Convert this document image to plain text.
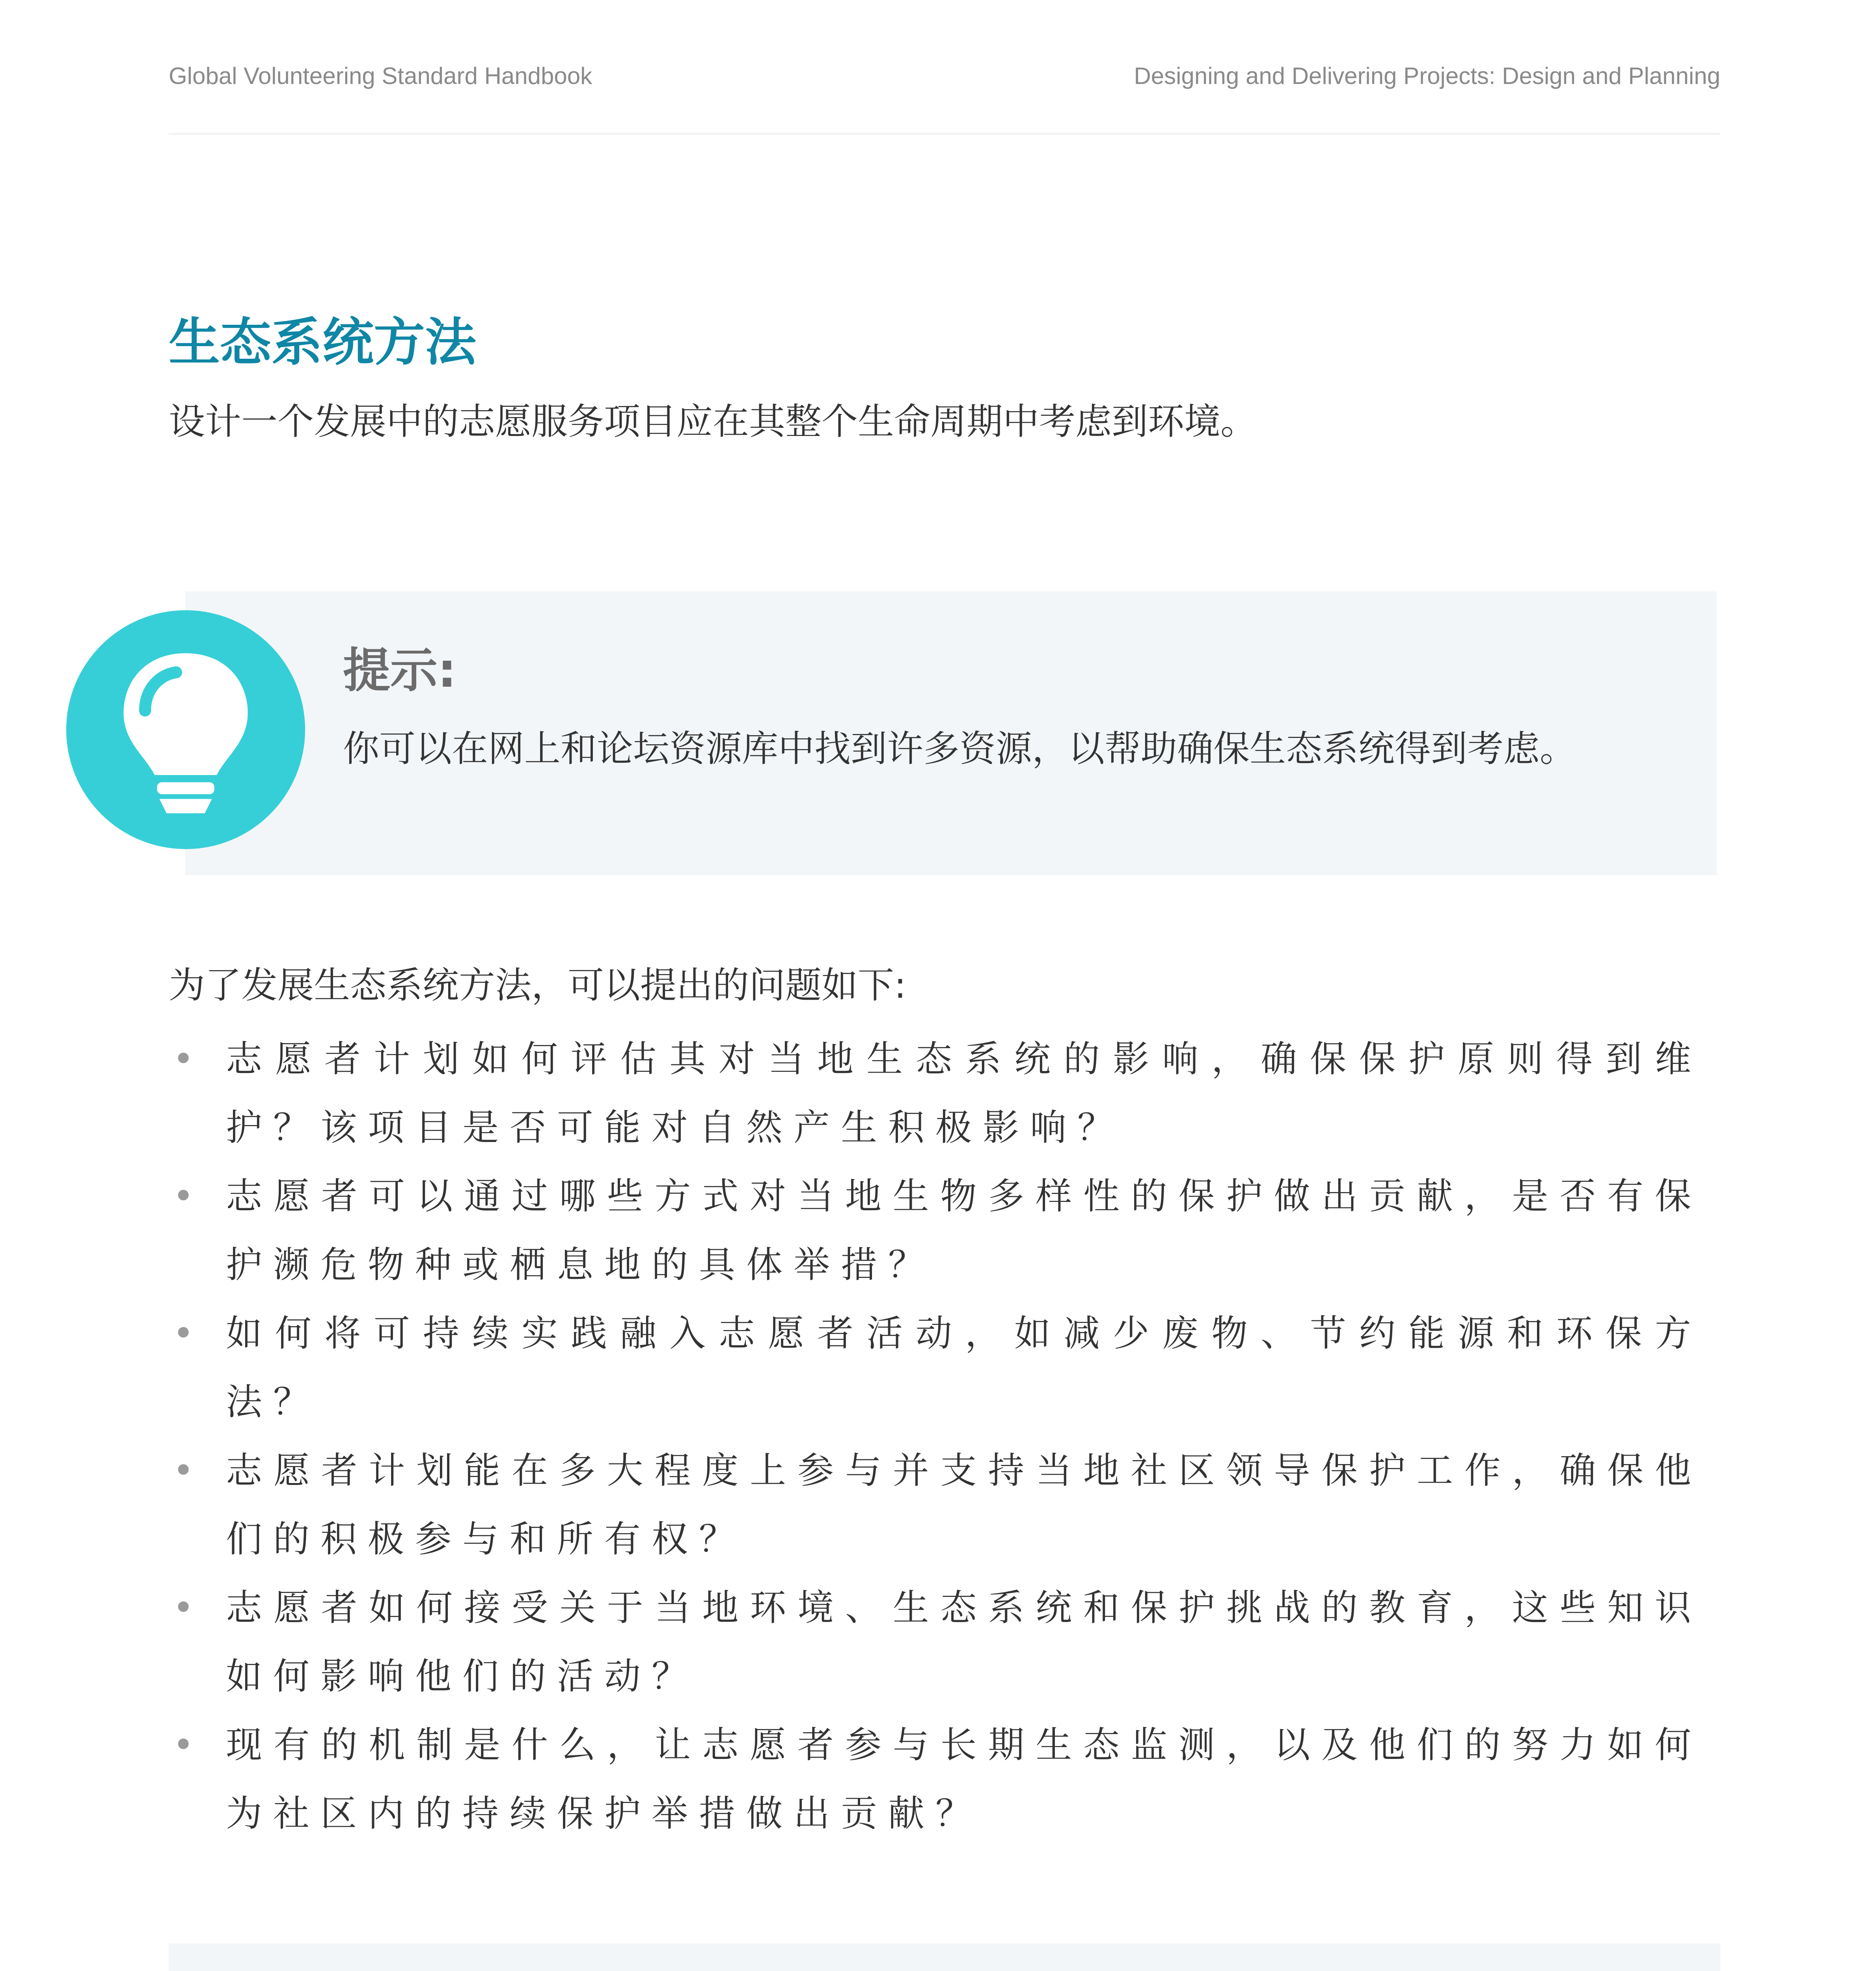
Global Volunteering Standard Handbook	Designing and Delivering Projects: Design and Planning
生态系统方法

设计一个发展中的志愿服务项目应在其整个生命周期中考虑到环境。

提示:

你可以在网上和论坛资源库中找到许多资源，以帮助确保生态系统得到考虑。

为了发展生态系统方法，可以提出的问题如下:

• 志愿者计划如何评估其对当地生态系统的影响，确保保护原则得到维护？该项目是否可能对自然产生积极影响？
• 志愿者可以通过哪些方式对当地生物多样性的保护做出贡献，是否有保护濒危物种或栖息地的具体举措？
• 如何将可持续实践融入志愿者活动，如减少废物、节约能源和环保方法？
• 志愿者计划能在多大程度上参与并支持当地社区领导保护工作，确保他们的积极参与和所有权？
• 志愿者如何接受关于当地环境、生态系统和保护挑战的教育，这些知识如何影响他们的活动？
• 现有的机制是什么，让志愿者参与长期生态监测，以及他们的努力如何为社区内的持续保护举措做出贡献？
